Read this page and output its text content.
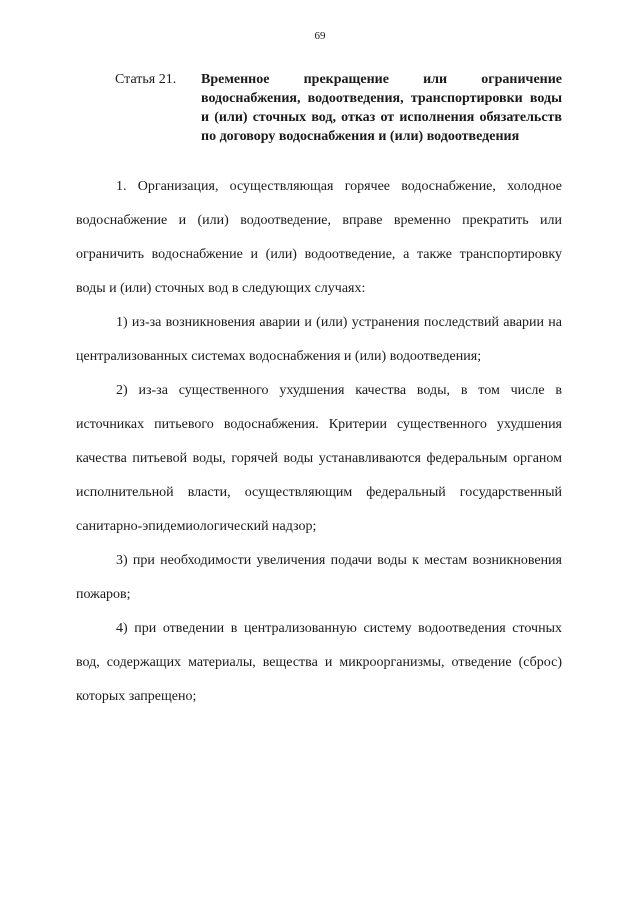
69
Статья 21.	Временное прекращение или ограничение водоснабжения, водоотведения, транспортировки воды и (или) сточных вод, отказ от исполнения обязательств по договору водоснабжения и (или) водоотведения

1. Организация, осуществляющая горячее водоснабжение, холодное водоснабжение и (или) водоотведение, вправе временно прекратить или ограничить водоснабжение и (или) водоотведение, а также транспортировку воды и (или) сточных вод в следующих случаях:

1) из-за возникновения аварии и (или) устранения последствий аварии на централизованных системах водоснабжения и (или) водоотведения;

2) из-за существенного ухудшения качества воды, в том числе в источниках питьевого водоснабжения. Критерии существенного ухудшения качества питьевой воды, горячей воды устанавливаются федеральным органом исполнительной власти, осуществляющим федеральный государственный санитарно-эпидемиологический надзор;

3) при необходимости увеличения подачи воды к местам возникновения пожаров;

4) при отведении в централизованную систему водоотведения сточных вод, содержащих материалы, вещества и микроорганизмы, отведение (сброс) которых запрещено;
